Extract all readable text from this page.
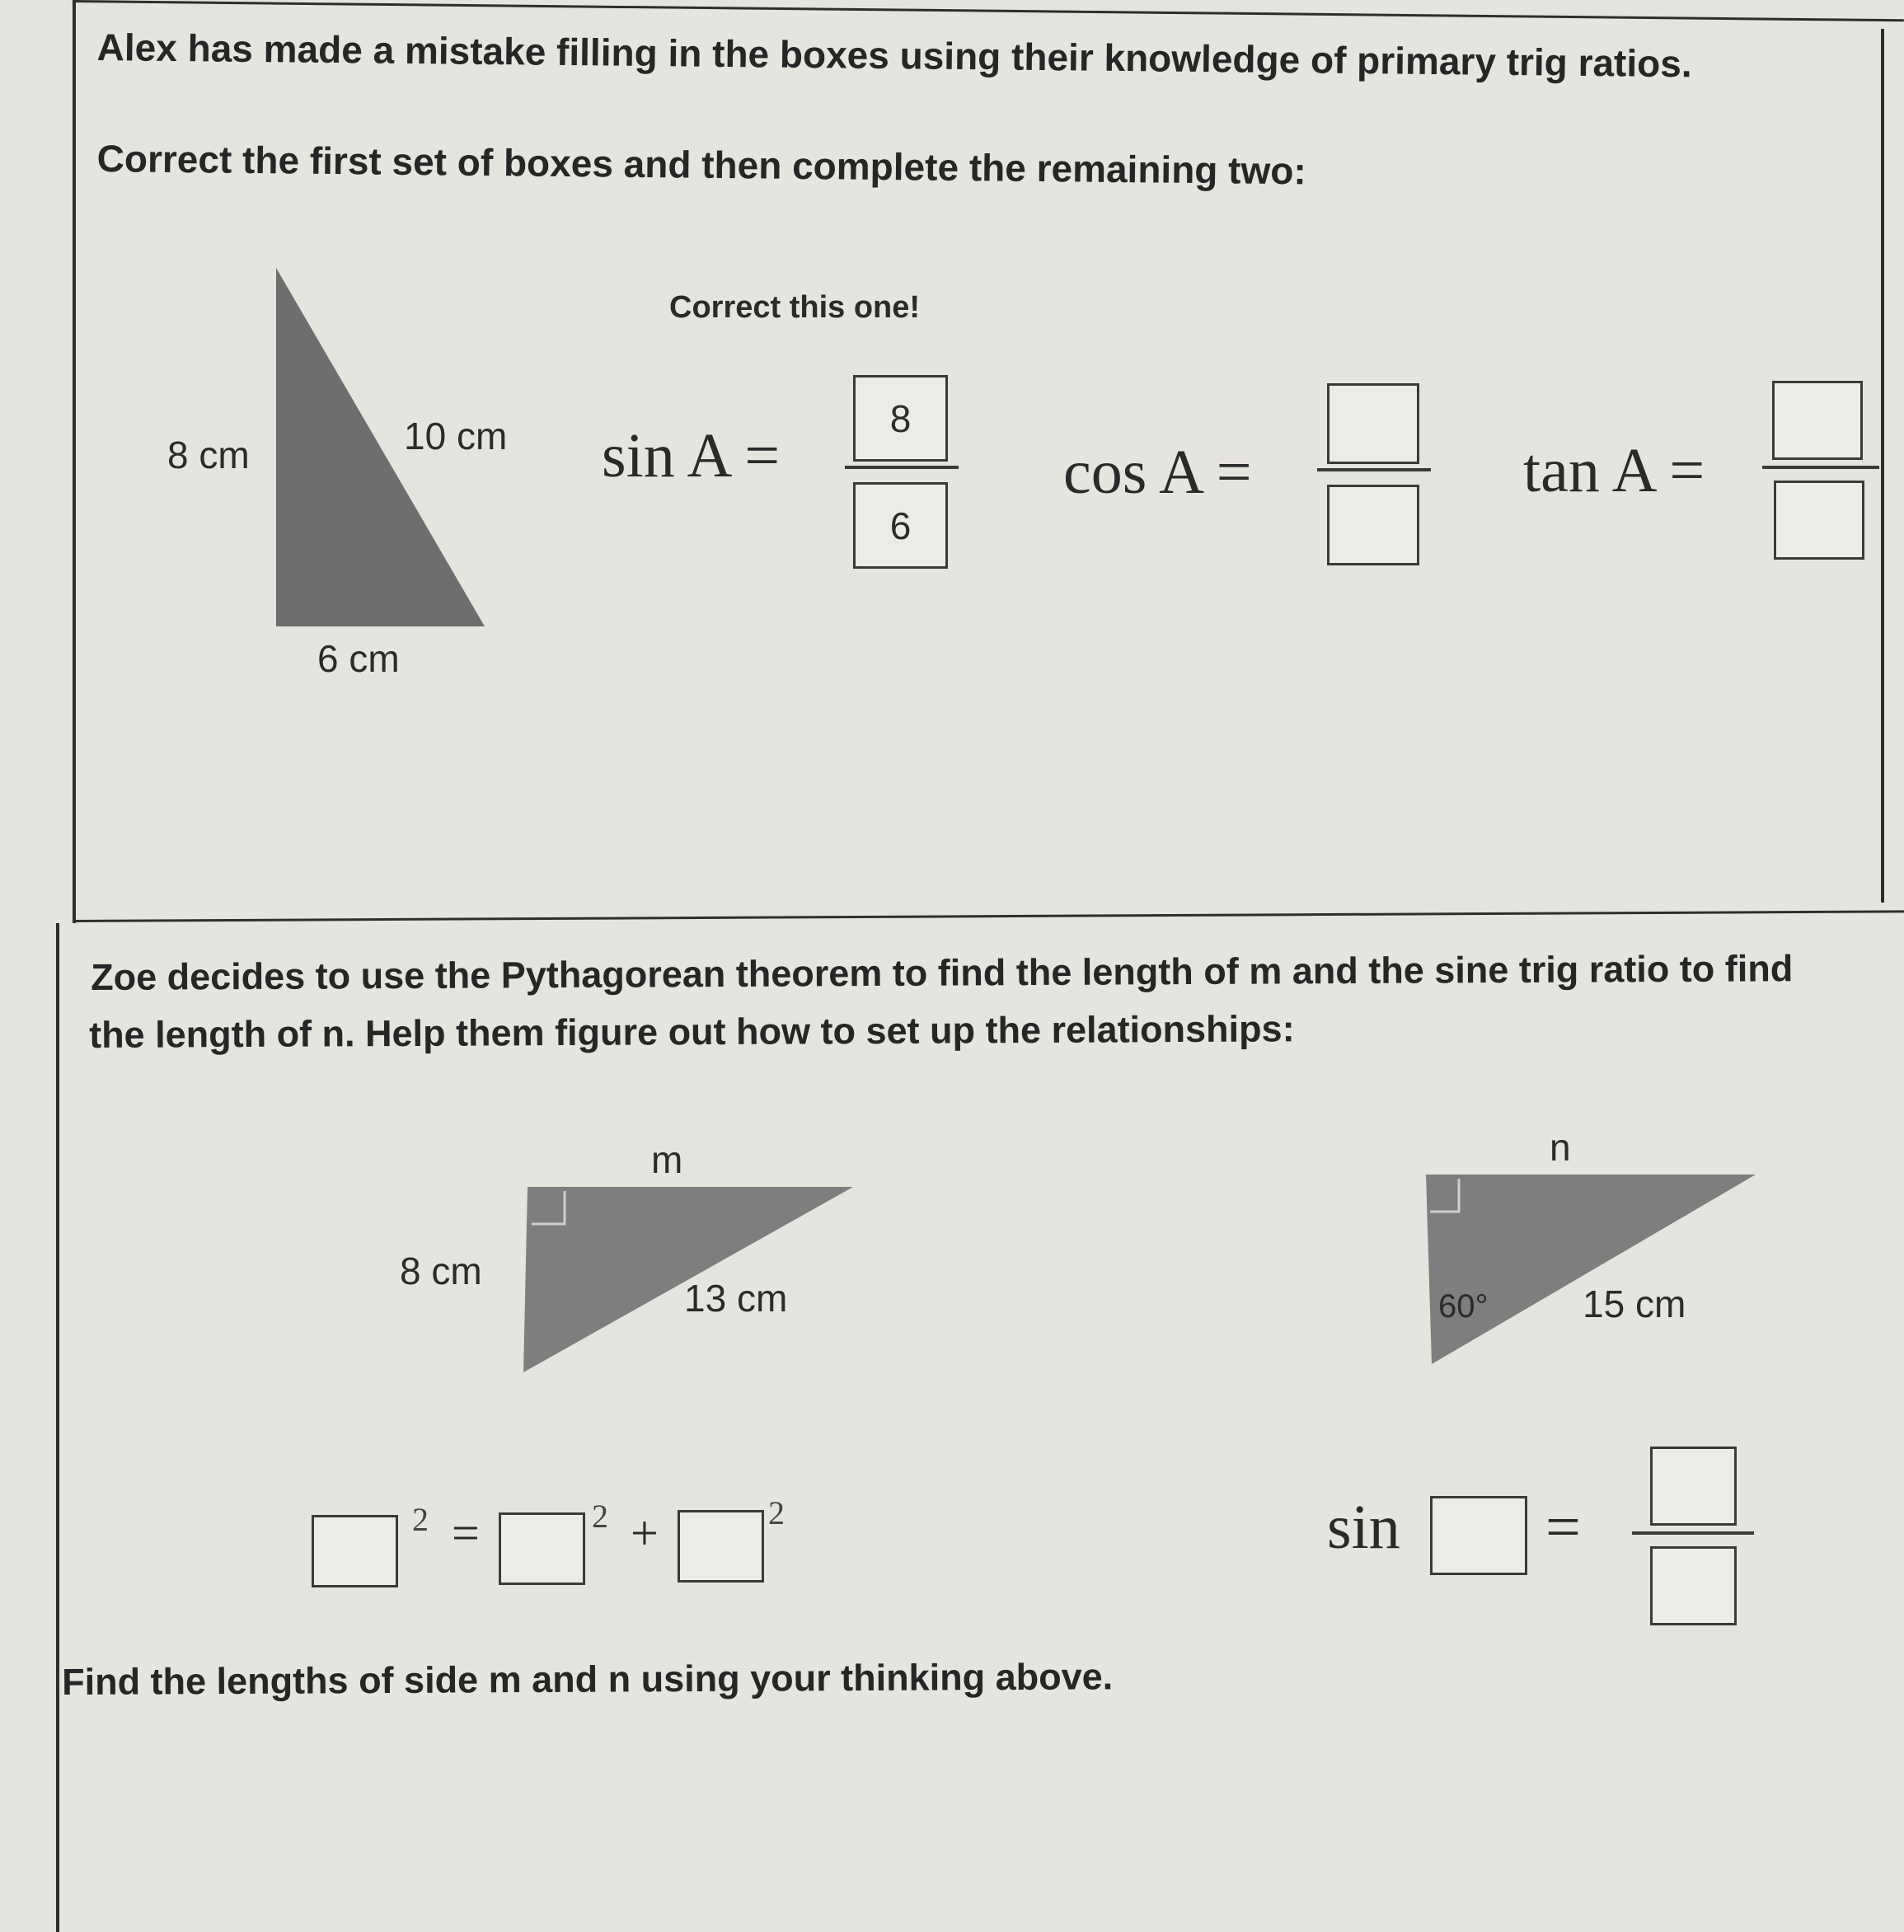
Alex has made a mistake filling in the boxes using their knowledge of primary trig ratios.
Correct the first set of boxes and then complete the remaining two:
Correct this one!
8 cm	10 cm
6 cm
sin A =
8
6
cos A =	tan A =
Zoe decides to use the Pythagorean theorem to find the length of m and the sine trig ratio to find
the length of n. Help them figure out how to set up the relationships:
m
8 cm
13 cm
n
60° 15 cm
2 =	2 +	2	sin =
Find the lengths of side m and n using your thinking above.
